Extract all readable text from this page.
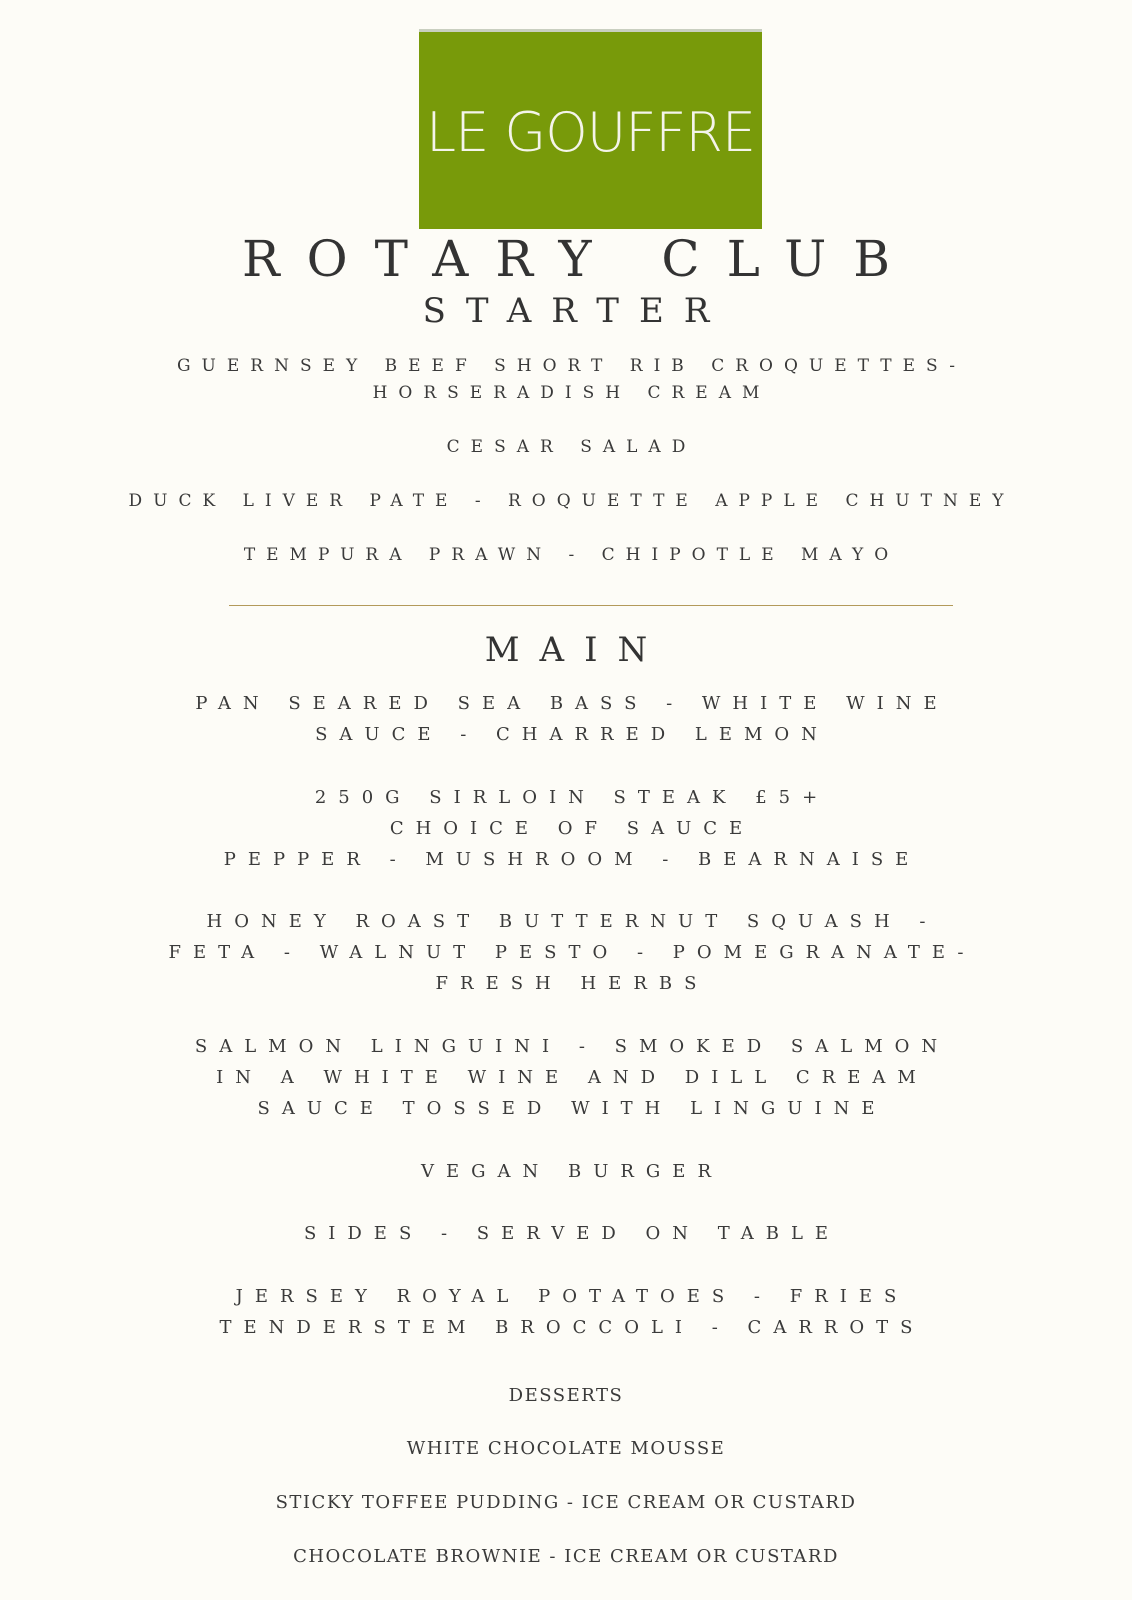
LE GOUFFRE
ROTARY CLUB
STARTER
GUERNSEY BEEF SHORT RIB CROQUETTES-
HORSERADISH CREAM
CESAR SALAD
DUCK LIVER PATE - ROQUETTE APPLE CHUTNEY
TEMPURA PRAWN - CHIPOTLE MAYO
MAIN
PAN SEARED SEA BASS - WHITE WINE
SAUCE - CHARRED LEMON
250G SIRLOIN STEAK £5+
CHOICE OF SAUCE
PEPPER - MUSHROOM - BEARNAISE
HONEY ROAST BUTTERNUT SQUASH -
FETA - WALNUT PESTO - POMEGRANATE-
FRESH HERBS
SALMON LINGUINI - SMOKED SALMON
IN A WHITE WINE AND DILL CREAM
SAUCE TOSSED WITH LINGUINE
VEGAN BURGER
SIDES - SERVED ON TABLE
JERSEY ROYAL POTATOES - FRIES
TENDERSTEM BROCCOLI - CARROTS
DESSERTS
WHITE CHOCOLATE MOUSSE
STICKY TOFFEE PUDDING - ICE CREAM OR CUSTARD
CHOCOLATE BROWNIE - ICE CREAM OR CUSTARD
